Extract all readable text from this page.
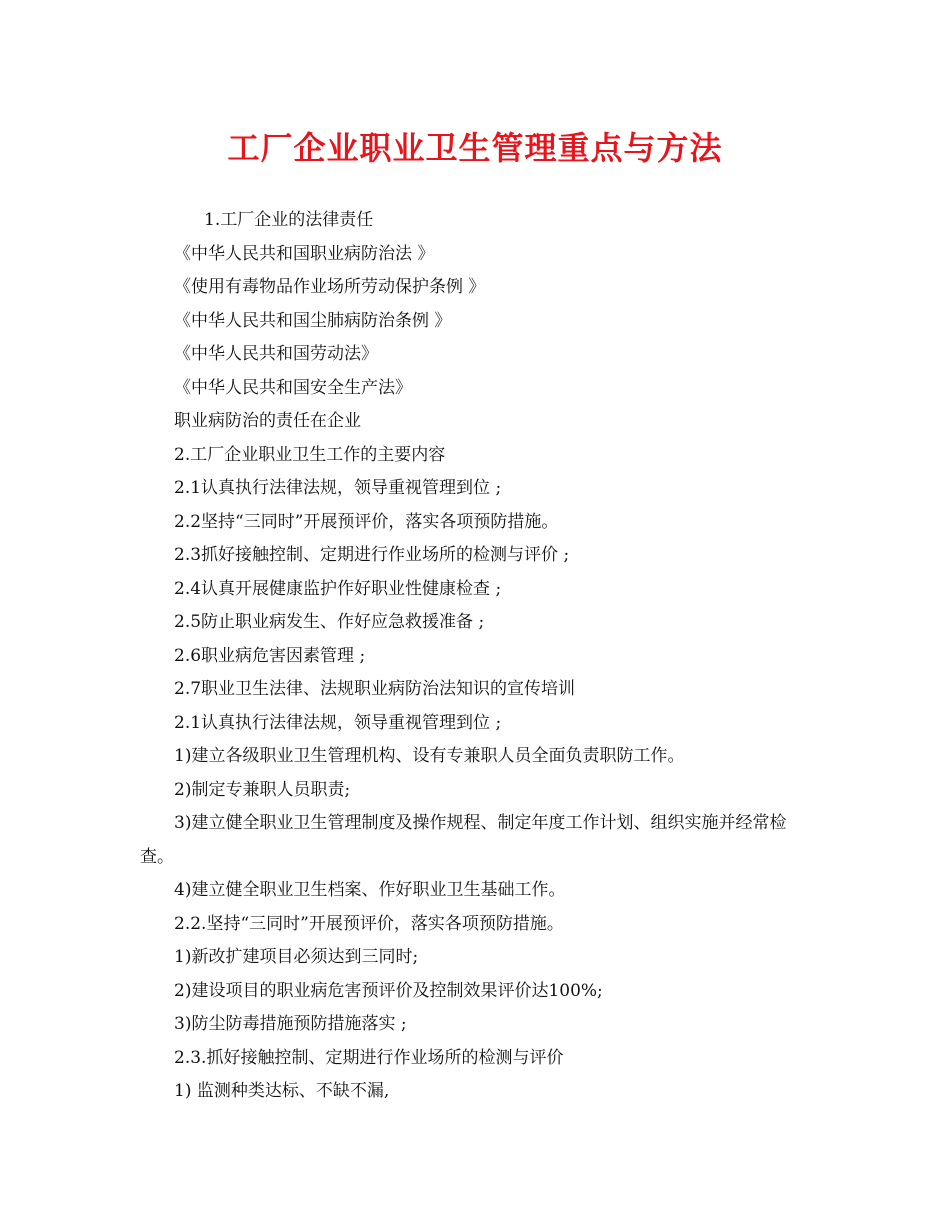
工厂企业职业卫生管理重点与方法

1.工厂企业的法律责任

《中华人民共和国职业病防治法 》

《使用有毒物品作业场所劳动保护条例 》

《中华人民共和国尘肺病防治条例 》

《中华人民共和国劳动法》

《中华人民共和国安全生产法》

职业病防治的责任在企业

2.工厂企业职业卫生工作的主要内容

2.1认真执行法律法规，领导重视管理到位 ;

2.2坚持“三同时”开展预评价，落实各项预防措施。

2.3抓好接触控制、定期进行作业场所的检测与评价 ;

2.4认真开展健康监护作好职业性健康检查 ;

2.5防止职业病发生、作好应急救援准备 ;

2.6职业病危害因素管理 ;

2.7职业卫生法律、法规职业病防治法知识的宣传培训

2.1认真执行法律法规，领导重视管理到位 ;

1)建立各级职业卫生管理机构、设有专兼职人员全面负责职防工作。

2)制定专兼职人员职责;

3)建立健全职业卫生管理制度及操作规程、制定年度工作计划、组织实施并经常检查。

4)建立健全职业卫生档案、作好职业卫生基础工作。

2.2.坚持“三同时”开展预评价，落实各项预防措施。

1)新改扩建项目必须达到三同时;

2)建设项目的职业病危害预评价及控制效果评价达100%;

3)防尘防毒措施预防措施落实 ;

2.3.抓好接触控制、定期进行作业场所的检测与评价

1) 监测种类达标、不缺不漏,
